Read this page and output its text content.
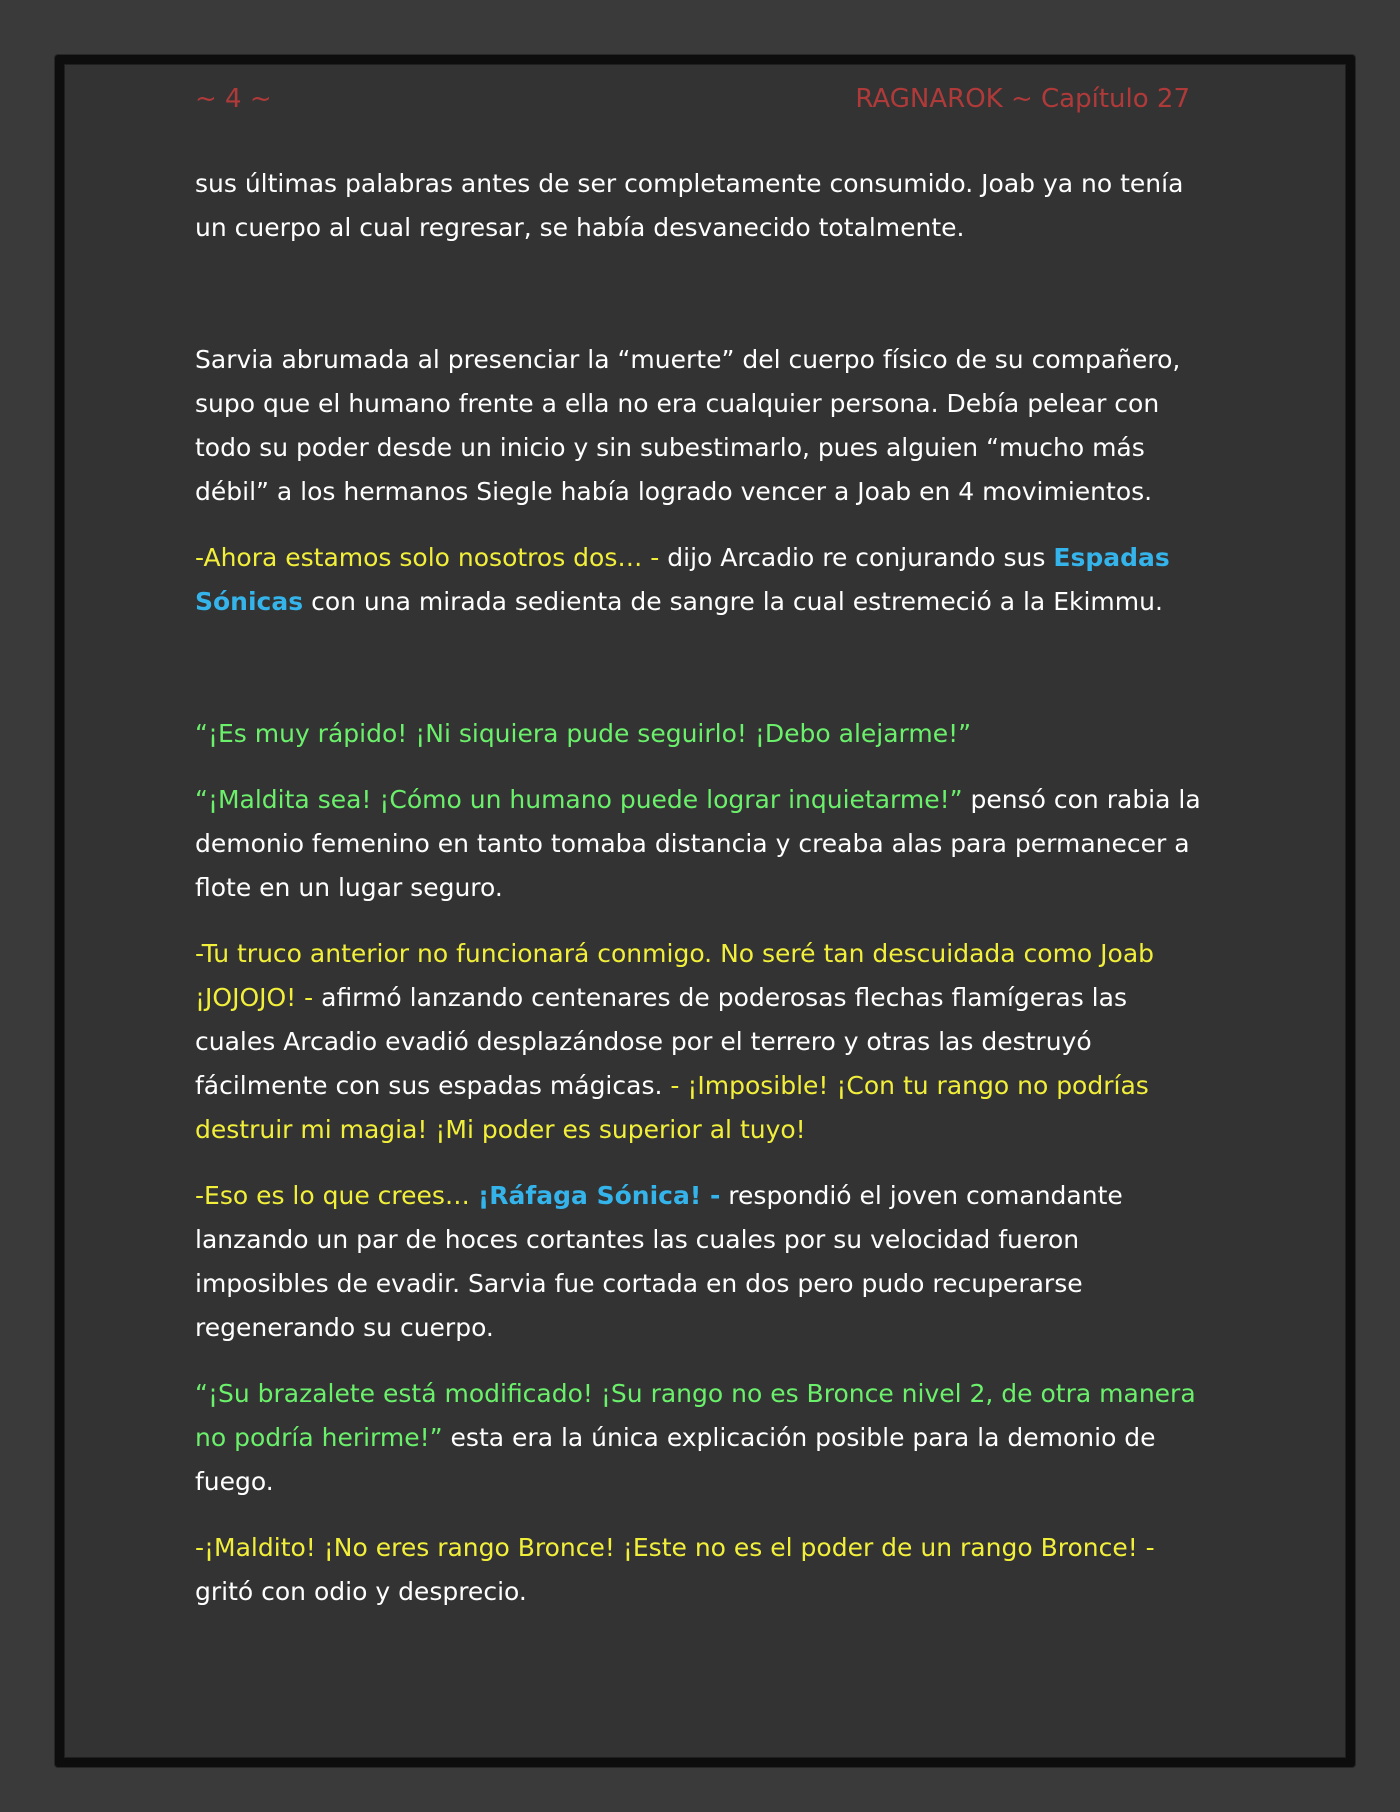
~ 4 ~	RAGNAROK ~ Capítulo 27

sus últimas palabras antes de ser completamente consumido. Joab ya no tenía un cuerpo al cual regresar, se había desvanecido totalmente.

Sarvia abrumada al presenciar la “muerte” del cuerpo físico de su compañero, supo que el humano frente a ella no era cualquier persona. Debía pelear con todo su poder desde un inicio y sin subestimarlo, pues alguien “mucho más débil” a los hermanos Siegle había logrado vencer a Joab en 4 movimientos.

-Ahora estamos solo nosotros dos… - dijo Arcadio re conjurando sus Espadas Sónicas con una mirada sedienta de sangre la cual estremeció a la Ekimmu.

“¡Es muy rápido! ¡Ni siquiera pude seguirlo! ¡Debo alejarme!”

“¡Maldita sea! ¡Cómo un humano puede lograr inquietarme!” pensó con rabia la demonio femenino en tanto tomaba distancia y creaba alas para permanecer a flote en un lugar seguro.

-Tu truco anterior no funcionará conmigo. No seré tan descuidada como Joab ¡JOJOJO! - afirmó lanzando centenares de poderosas flechas flamígeras las cuales Arcadio evadió desplazándose por el terrero y otras las destruyó fácilmente con sus espadas mágicas. - ¡Imposible! ¡Con tu rango no podrías destruir mi magia! ¡Mi poder es superior al tuyo!

-Eso es lo que crees… ¡Ráfaga Sónica! - respondió el joven comandante lanzando un par de hoces cortantes las cuales por su velocidad fueron imposibles de evadir. Sarvia fue cortada en dos pero pudo recuperarse regenerando su cuerpo.

“¡Su brazalete está modificado! ¡Su rango no es Bronce nivel 2, de otra manera no podría herirme!” esta era la única explicación posible para la demonio de fuego.

-¡Maldito! ¡No eres rango Bronce! ¡Este no es el poder de un rango Bronce! - gritó con odio y desprecio.
